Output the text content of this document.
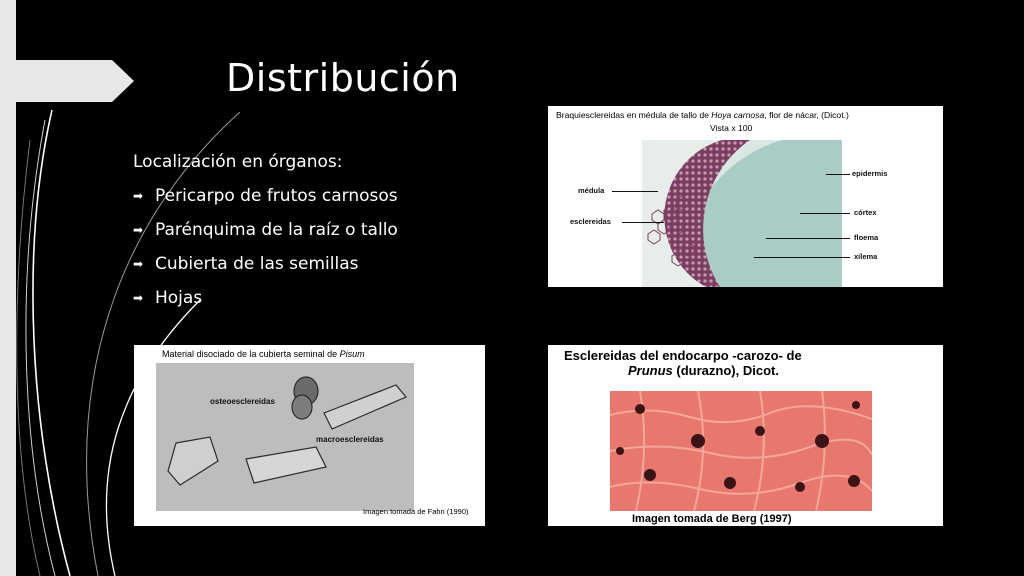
Distribución
Localización en órganos:
➡ Pericarpo de frutos carnosos
➡ Parénquima de la raíz o tallo
➡ Cubierta de las semillas
➡ Hojas
Braquiesclereidas en médula de tallo de Hoya carnosa, flor de nácar, (Dicot.)
Vista x 100
médula
esclereidas
epidermis
córtex
floema
xilema
Material disociado de la cubierta seminal de Pisum
osteoesclereidas
macroesclereidas
Imagen tomada de Fahn (1990)
Esclereidas del endocarpo -carozo- de
Prunus (durazno), Dicot.
Imagen tomada de Berg (1997)
